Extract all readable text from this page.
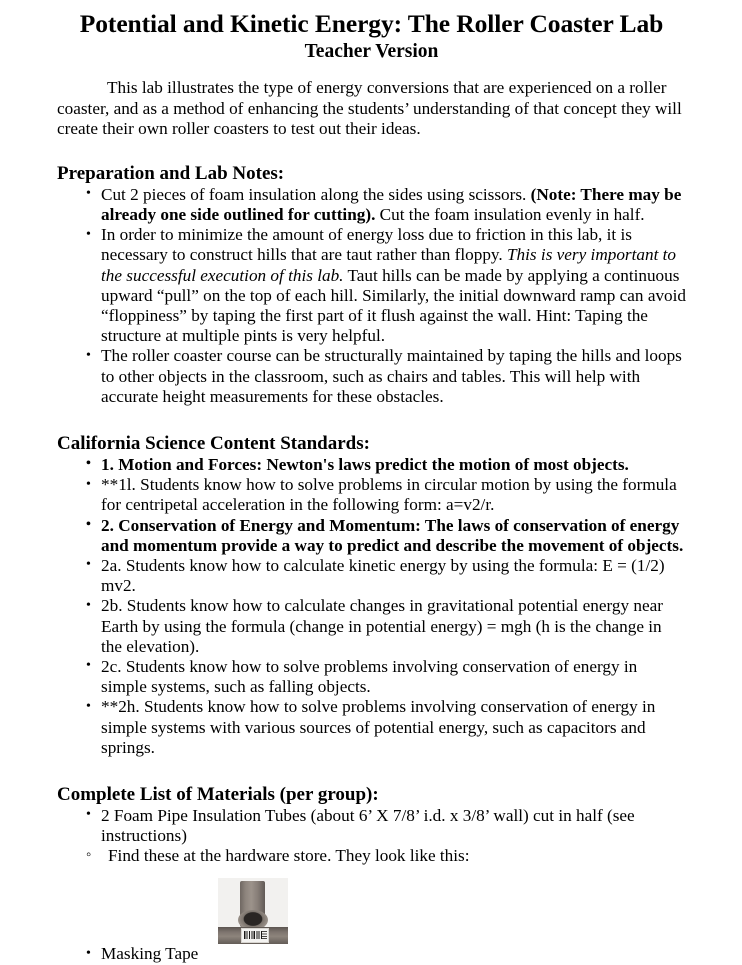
Potential and Kinetic Energy: The Roller Coaster Lab
Teacher Version

This lab illustrates the type of energy conversions that are experienced on a roller coaster, and as a method of enhancing the students’ understanding of that concept they will create their own roller coasters to test out their ideas.

Preparation and Lab Notes:
• Cut 2 pieces of foam insulation along the sides using scissors. (Note: There may be already one side outlined for cutting). Cut the foam insulation evenly in half.
• In order to minimize the amount of energy loss due to friction in this lab, it is necessary to construct hills that are taut rather than floppy. This is very important to the successful execution of this lab. Taut hills can be made by applying a continuous upward “pull” on the top of each hill. Similarly, the initial downward ramp can avoid “floppiness” by taping the first part of it flush against the wall. Hint: Taping the structure at multiple pints is very helpful.
• The roller coaster course can be structurally maintained by taping the hills and loops to other objects in the classroom, such as chairs and tables. This will help with accurate height measurements for these obstacles.
California Science Content Standards:
• 1. Motion and Forces: Newton's laws predict the motion of most objects.
• **1l. Students know how to solve problems in circular motion by using the formula for centripetal acceleration in the following form: a=v2/r.
• 2. Conservation of Energy and Momentum: The laws of conservation of energy and momentum provide a way to predict and describe the movement of objects.
• 2a. Students know how to calculate kinetic energy by using the formula: E = (1/2) mv2.
• 2b. Students know how to calculate changes in gravitational potential energy near Earth by using the formula (change in potential energy) = mgh (h is the change in the elevation).
• 2c. Students know how to solve problems involving conservation of energy in simple systems, such as falling objects.
• **2h. Students know how to solve problems involving conservation of energy in simple systems with various sources of potential energy, such as capacitors and springs.
Complete List of Materials (per group):
• 2 Foam Pipe Insulation Tubes (about 6’ X 7/8’ i.d. x 3/8’ wall) cut in half (see instructions)
◦ Find these at the hardware store. They look like this:
• Masking Tape
